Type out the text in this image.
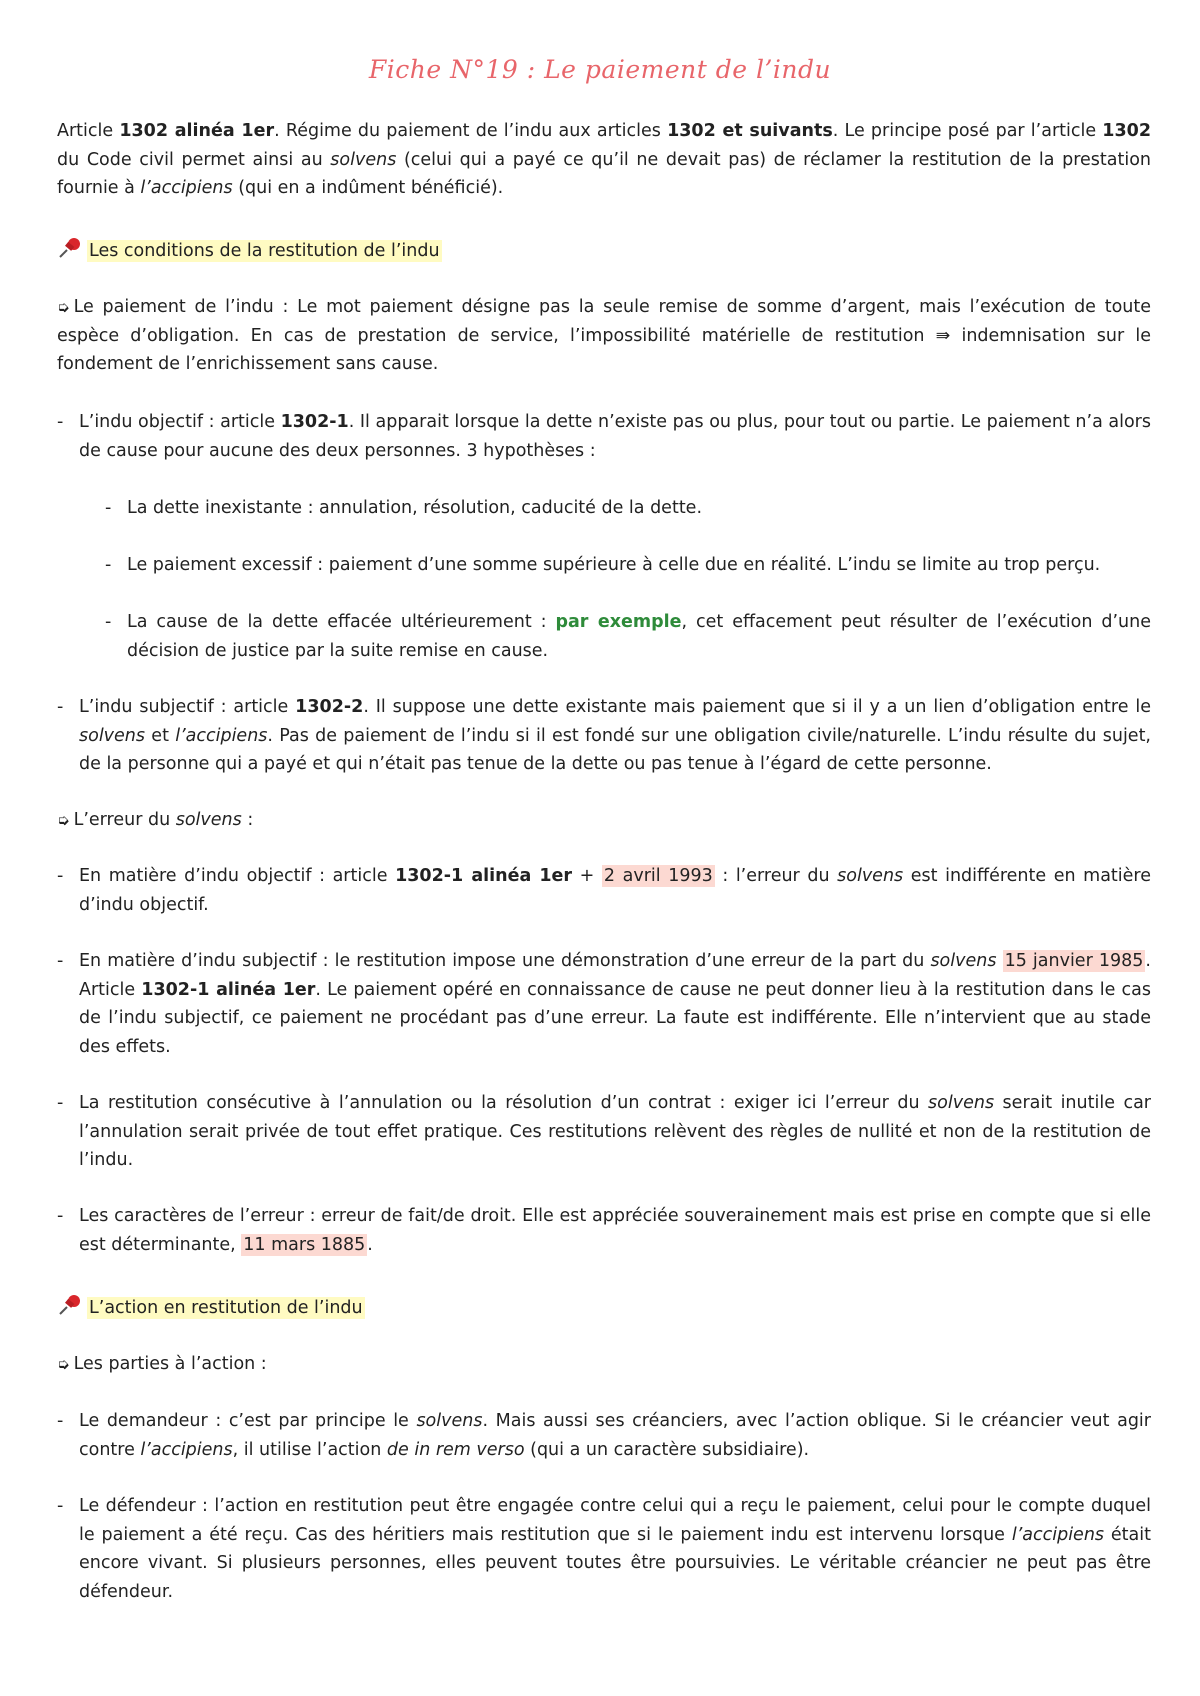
Fiche N°19 : Le paiement de l’indu
Article 1302 alinéa 1er. Régime du paiement de l’indu aux articles 1302 et suivants. Le principe posé par l’article 1302 du Code civil permet ainsi au solvens (celui qui a payé ce qu’il ne devait pas) de réclamer la restitution de la prestation fournie à l’accipiens (qui en a indûment bénéficié).
Les conditions de la restitution de l’indu
➭ Le paiement de l’indu : Le mot paiement désigne pas la seule remise de somme d’argent, mais l’exécution de toute espèce d’obligation. En cas de prestation de service, l’impossibilité matérielle de restitution ⇛ indemnisation sur le fondement de l’enrichissement sans cause.
- L’indu objectif : article 1302-1. Il apparait lorsque la dette n’existe pas ou plus, pour tout ou partie. Le paiement n’a alors de cause pour aucune des deux personnes. 3 hypothèses :
- La dette inexistante : annulation, résolution, caducité de la dette.
- Le paiement excessif : paiement d’une somme supérieure à celle due en réalité. L’indu se limite au trop perçu.
- La cause de la dette effacée ultérieurement : par exemple, cet effacement peut résulter de l’exécution d’une décision de justice par la suite remise en cause.
- L’indu subjectif : article 1302-2. Il suppose une dette existante mais paiement que si il y a un lien d’obligation entre le solvens et l’accipiens. Pas de paiement de l’indu si il est fondé sur une obligation civile/naturelle. L’indu résulte du sujet, de la personne qui a payé et qui n’était pas tenue de la dette ou pas tenue à l’égard de cette personne.
➭ L’erreur du solvens :
- En matière d’indu objectif : article 1302-1 alinéa 1er + 2 avril 1993 : l’erreur du solvens est indifférente en matière d’indu objectif.
- En matière d’indu subjectif : le restitution impose une démonstration d’une erreur de la part du solvens 15 janvier 1985 . Article 1302-1 alinéa 1er. Le paiement opéré en connaissance de cause ne peut donner lieu à la restitution dans le cas de l’indu subjectif, ce paiement ne procédant pas d’une erreur. La faute est indifférente. Elle n’intervient que au stade des effets.
- La restitution consécutive à l’annulation ou la résolution d’un contrat : exiger ici l’erreur du solvens serait inutile car l’annulation serait privée de tout effet pratique. Ces restitutions relèvent des règles de nullité et non de la restitution de l’indu.
- Les caractères de l’erreur : erreur de fait/de droit. Elle est appréciée souverainement mais est prise en compte que si elle est déterminante, 11 mars 1885 .
L’action en restitution de l’indu
➭ Les parties à l’action :
- Le demandeur : c’est par principe le solvens. Mais aussi ses créanciers, avec l’action oblique. Si le créancier veut agir contre l’accipiens, il utilise l’action de in rem verso (qui a un caractère subsidiaire).
- Le défendeur : l’action en restitution peut être engagée contre celui qui a reçu le paiement, celui pour le compte duquel le paiement a été reçu. Cas des héritiers mais restitution que si le paiement indu est intervenu lorsque l’accipiens était encore vivant. Si plusieurs personnes, elles peuvent toutes être poursuivies. Le véritable créancier ne peut pas être défendeur.
